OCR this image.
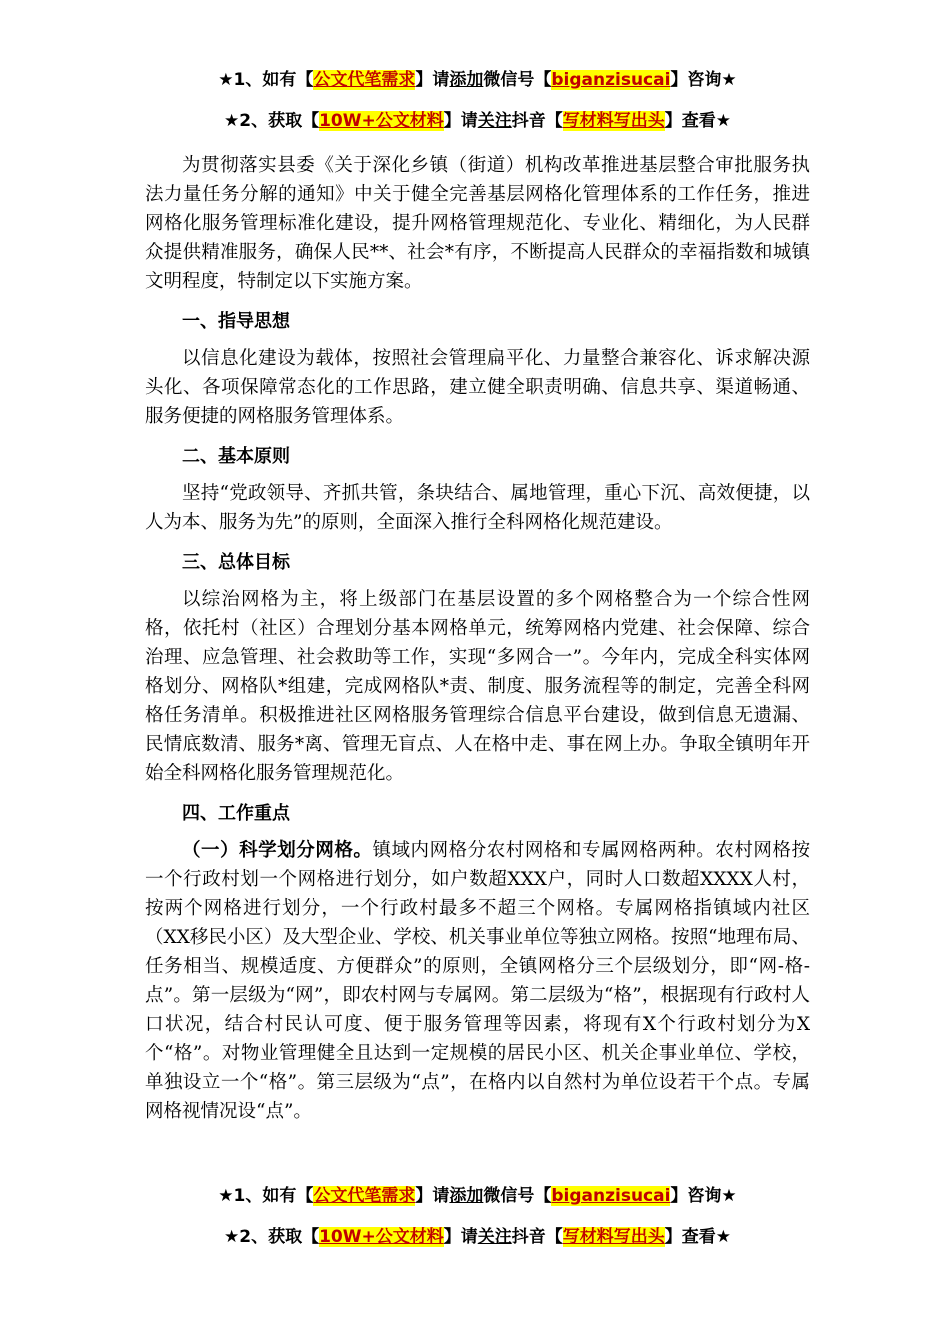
★1、如有【公文代笔需求】请添加微信号【biganzisucai】咨询★
★2、获取【10W+公文材料】请关注抖音【写材料写出头】查看★

为贯彻落实县委《关于深化乡镇（街道）机构改革推进基层整合审批服务执法力量任务分解的通知》中关于健全完善基层网格化管理体系的工作任务，推进网格化服务管理标准化建设，提升网格管理规范化、专业化、精细化，为人民群众提供精准服务，确保人民**、社会*有序，不断提高人民群众的幸福指数和城镇文明程度，特制定以下实施方案。

一、指导思想

以信息化建设为载体，按照社会管理扁平化、力量整合兼容化、诉求解决源头化、各项保障常态化的工作思路，建立健全职责明确、信息共享、渠道畅通、服务便捷的网格服务管理体系。

二、基本原则

坚持“党政领导、齐抓共管，条块结合、属地管理，重心下沉、高效便捷，以人为本、服务为先”的原则，全面深入推行全科网格化规范建设。

三、总体目标

以综治网格为主，将上级部门在基层设置的多个网格整合为一个综合性网格，依托村（社区）合理划分基本网格单元，统筹网格内党建、社会保障、综合治理、应急管理、社会救助等工作，实现“多网合一”。今年内，完成全科实体网格划分、网格队*组建，完成网格队*责、制度、服务流程等的制定，完善全科网格任务清单。积极推进社区网格服务管理综合信息平台建设，做到信息无遗漏、民情底数清、服务*离、管理无盲点、人在格中走、事在网上办。争取全镇明年开始全科网格化服务管理规范化。

四、工作重点

（一）科学划分网格。镇域内网格分农村网格和专属网格两种。农村网格按一个行政村划一个网格进行划分，如户数超XXX户，同时人口数超XXXX人村，按两个网格进行划分，一个行政村最多不超三个网格。专属网格指镇域内社区（XX移民小区）及大型企业、学校、机关事业单位等独立网格。按照“地理布局、任务相当、规模适度、方便群众”的原则，全镇网格分三个层级划分，即“网-格-点”。第一层级为“网”，即农村网与专属网。第二层级为“格”，根据现有行政村人口状况，结合村民认可度、便于服务管理等因素，将现有X个行政村划分为X个“格”。对物业管理健全且达到一定规模的居民小区、机关企事业单位、学校，单独设立一个“格”。第三层级为“点”，在格内以自然村为单位设若干个点。专属网格视情况设“点”。

★1、如有【公文代笔需求】请添加微信号【biganzisucai】咨询★
★2、获取【10W+公文材料】请关注抖音【写材料写出头】查看★
